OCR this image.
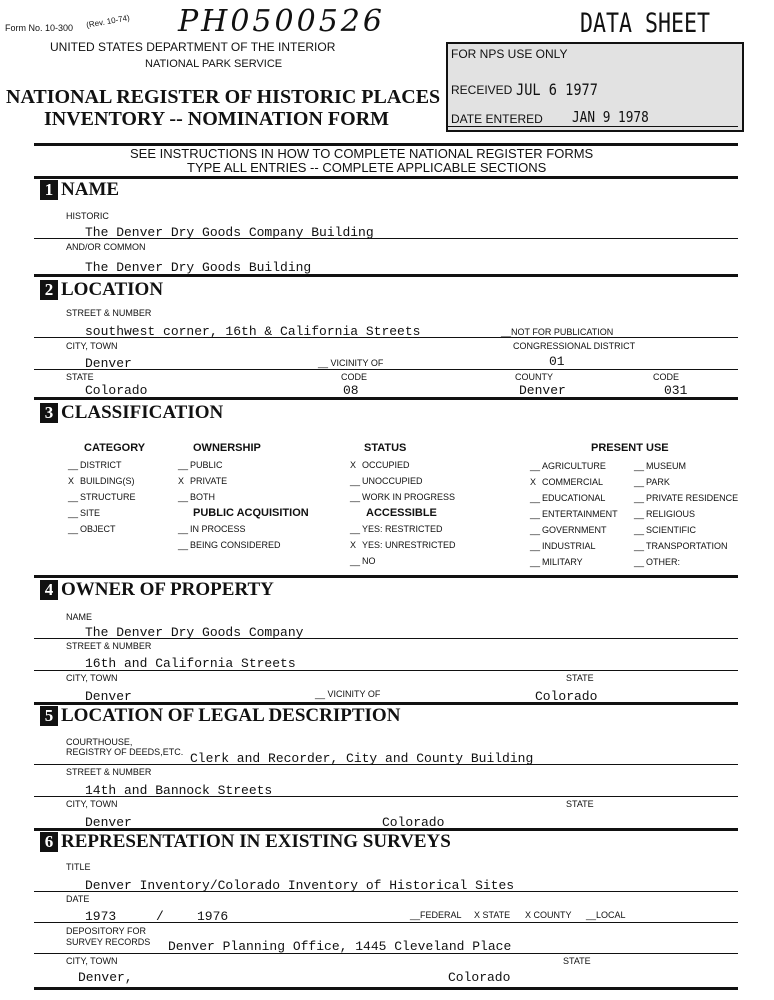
Form No. 10-300 (Rev. 10-74) PH0500526	DATA SHEET
UNITED STATES DEPARTMENT OF THE INTERIOR
NATIONAL PARK SERVICE
NATIONAL REGISTER OF HISTORIC PLACES
INVENTORY -- NOMINATION FORM
FOR NPS USE ONLY
RECEIVED JUL 6 1977
DATE ENTERED JAN 9 1978
SEE INSTRUCTIONS IN HOW TO COMPLETE NATIONAL REGISTER FORMS
TYPE ALL ENTRIES -- COMPLETE APPLICABLE SECTIONS
1 NAME
HISTORIC
The Denver Dry Goods Company Building
AND/OR COMMON
The Denver Dry Goods Building
2 LOCATION
STREET & NUMBER
southwest corner, 16th & California Streets	__NOT FOR PUBLICATION
CITY, TOWN	CONGRESSIONAL DISTRICT
Denver	__ VICINITY OF	01
STATE	CODE	COUNTY	CODE
Colorado	08	Denver	031
3 CLASSIFICATION
CATEGORY
__ DISTRICT
X BUILDING(S)
__ STRUCTURE
__ SITE
__ OBJECT
OWNERSHIP
__ PUBLIC
X PRIVATE
__ BOTH
PUBLIC ACQUISITION
__ IN PROCESS
__ BEING CONSIDERED
STATUS
X OCCUPIED
__ UNOCCUPIED
__ WORK IN PROGRESS
ACCESSIBLE
__ YES: RESTRICTED
X YES: UNRESTRICTED
__ NO
PRESENT USE
__ AGRICULTURE
X COMMERCIAL
__ EDUCATIONAL
__ ENTERTAINMENT
__ GOVERNMENT
__ INDUSTRIAL
__ MILITARY
__ MUSEUM
__ PARK
__ PRIVATE RESIDENCE
__ RELIGIOUS
__ SCIENTIFIC
__ TRANSPORTATION
__ OTHER:
4 OWNER OF PROPERTY
NAME
The Denver Dry Goods Company
STREET & NUMBER
16th and California Streets
CITY, TOWN	STATE
Denver	__ VICINITY OF	Colorado
5 LOCATION OF LEGAL DESCRIPTION
COURTHOUSE,
REGISTRY OF DEEDS,ETC. Clerk and Recorder, City and County Building
STREET & NUMBER
14th and Bannock Streets
CITY, TOWN	STATE
Denver	Colorado
6 REPRESENTATION IN EXISTING SURVEYS
TITLE
Denver Inventory/Colorado Inventory of Historical Sites
DATE
1973	/	1976	__FEDERAL X STATE X COUNTY __LOCAL
DEPOSITORY FOR
SURVEY RECORDS Denver Planning Office, 1445 Cleveland Place
CITY, TOWN	STATE
Denver,	Colorado
